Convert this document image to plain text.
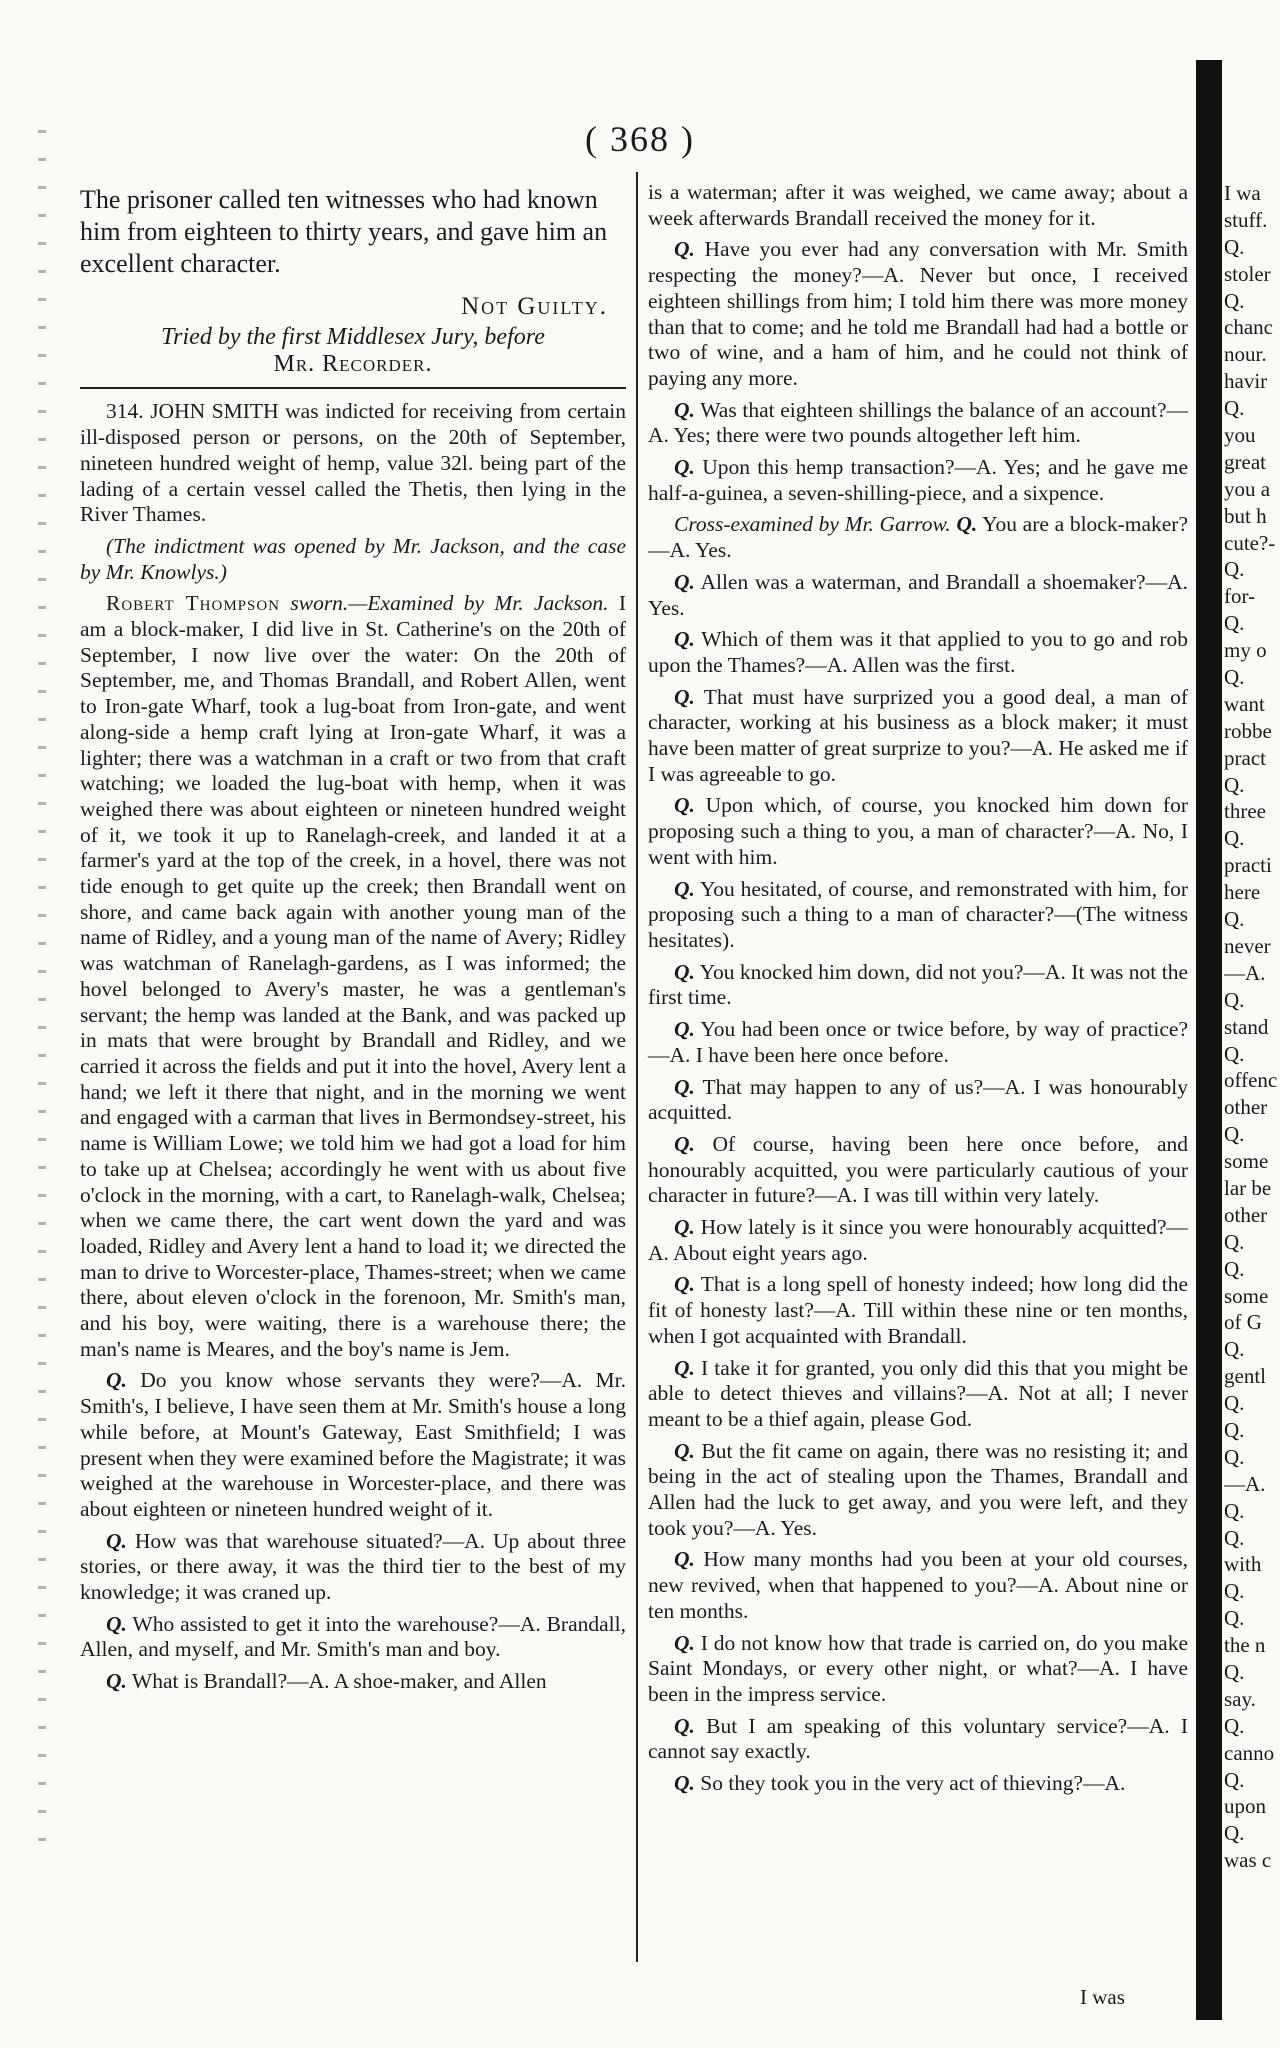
( 368 )

The prisoner called ten witnesses who had known him from eighteen to thirty years, and gave him an excellent character.

Not Guilty.

Tried by the first Middlesex Jury, before

Mr. Recorder.

314. JOHN SMITH was indicted for receiving from certain ill-disposed person or persons, on the 20th of September, nineteen hundred weight of hemp, value 32l. being part of the lading of a certain vessel called the Thetis, then lying in the River Thames.

(The indictment was opened by Mr. Jackson, and the case by Mr. Knowlys.)

Robert Thompson sworn.—Examined by Mr. Jackson. I am a block-maker, I did live in St. Catherine's on the 20th of September, I now live over the water: On the 20th of September, me, and Thomas Brandall, and Robert Allen, went to Iron-gate Wharf, took a lug-boat from Iron-gate, and went along-side a hemp craft lying at Iron-gate Wharf, it was a lighter; there was a watchman in a craft or two from that craft watching; we loaded the lug-boat with hemp, when it was weighed there was about eighteen or nineteen hundred weight of it, we took it up to Ranelagh-creek, and landed it at a farmer's yard at the top of the creek, in a hovel, there was not tide enough to get quite up the creek; then Brandall went on shore, and came back again with another young man of the name of Ridley, and a young man of the name of Avery; Ridley was watchman of Ranelagh-gardens, as I was informed; the hovel belonged to Avery's master, he was a gentleman's servant; the hemp was landed at the Bank, and was packed up in mats that were brought by Brandall and Ridley, and we carried it across the fields and put it into the hovel, Avery lent a hand; we left it there that night, and in the morning we went and engaged with a carman that lives in Bermondsey-street, his name is William Lowe; we told him we had got a load for him to take up at Chelsea; accordingly he went with us about five o'clock in the morning, with a cart, to Ranelagh-walk, Chelsea; when we came there, the cart went down the yard and was loaded, Ridley and Avery lent a hand to load it; we directed the man to drive to Worcester-place, Thames-street; when we came there, about eleven o'clock in the forenoon, Mr. Smith's man, and his boy, were waiting, there is a warehouse there; the man's name is Meares, and the boy's name is Jem.

Q. Do you know whose servants they were?—A. Mr. Smith's, I believe, I have seen them at Mr. Smith's house a long while before, at Mount's Gateway, East Smithfield; I was present when they were examined before the Magistrate; it was weighed at the warehouse in Worcester-place, and there was about eighteen or nineteen hundred weight of it.

Q. How was that warehouse situated?—A. Up about three stories, or there away, it was the third tier to the best of my knowledge; it was craned up.

Q. Who assisted to get it into the warehouse?—A. Brandall, Allen, and myself, and Mr. Smith's man and boy.

Q. What is Brandall?—A. A shoe-maker, and Allen

is a waterman; after it was weighed, we came away; about a week afterwards Brandall received the money for it.

Q. Have you ever had any conversation with Mr. Smith respecting the money?—A. Never but once, I received eighteen shillings from him; I told him there was more money than that to come; and he told me Brandall had had a bottle or two of wine, and a ham of him, and he could not think of paying any more.

Q. Was that eighteen shillings the balance of an account?—A. Yes; there were two pounds altogether left him.

Q. Upon this hemp transaction?—A. Yes; and he gave me half-a-guinea, a seven-shilling-piece, and a sixpence.

Cross-examined by Mr. Garrow. Q. You are a block-maker?—A. Yes.

Q. Allen was a waterman, and Brandall a shoemaker?—A. Yes.

Q. Which of them was it that applied to you to go and rob upon the Thames?—A. Allen was the first.

Q. That must have surprized you a good deal, a man of character, working at his business as a block maker; it must have been matter of great surprize to you?—A. He asked me if I was agreeable to go.

Q. Upon which, of course, you knocked him down for proposing such a thing to you, a man of character?—A. No, I went with him.

Q. You hesitated, of course, and remonstrated with him, for proposing such a thing to a man of character?—(The witness hesitates).

Q. You knocked him down, did not you?—A. It was not the first time.

Q. You had been once or twice before, by way of practice?—A. I have been here once before.

Q. That may happen to any of us?—A. I was honourably acquitted.

Q. Of course, having been here once before, and honourably acquitted, you were particularly cautious of your character in future?—A. I was till within very lately.

Q. How lately is it since you were honourably acquitted?—A. About eight years ago.

Q. That is a long spell of honesty indeed; how long did the fit of honesty last?—A. Till within these nine or ten months, when I got acquainted with Brandall.

Q. I take it for granted, you only did this that you might be able to detect thieves and villains?—A. Not at all; I never meant to be a thief again, please God.

Q. But the fit came on again, there was no resisting it; and being in the act of stealing upon the Thames, Brandall and Allen had the luck to get away, and you were left, and they took you?—A. Yes.

Q. How many months had you been at your old courses, new revived, when that happened to you?—A. About nine or ten months.

Q. I do not know how that trade is carried on, do you make Saint Mondays, or every other night, or what?—A. I have been in the impress service.

Q. But I am speaking of this voluntary service?—A. I cannot say exactly.

Q. So they took you in the very act of thieving?—A.

I wa
stuff.
Q.
stoler
Q.
chanc
nour.
havir
Q.
you
great
you a
but h
cute?-
Q.
for-
Q.
my o
Q.
want
robbe
pract
Q.
three
Q.
practi
here
Q.
never
—A.
Q.
stand
Q.
offenc
other
Q.
some
lar be
other
Q.
Q.
some
of G
Q.
gentl
Q.
Q.
Q.
—A.
Q.
Q.
with
Q.
Q.
the n
Q.
say.
Q.
canno
Q.
upon
Q.
was c
I was
